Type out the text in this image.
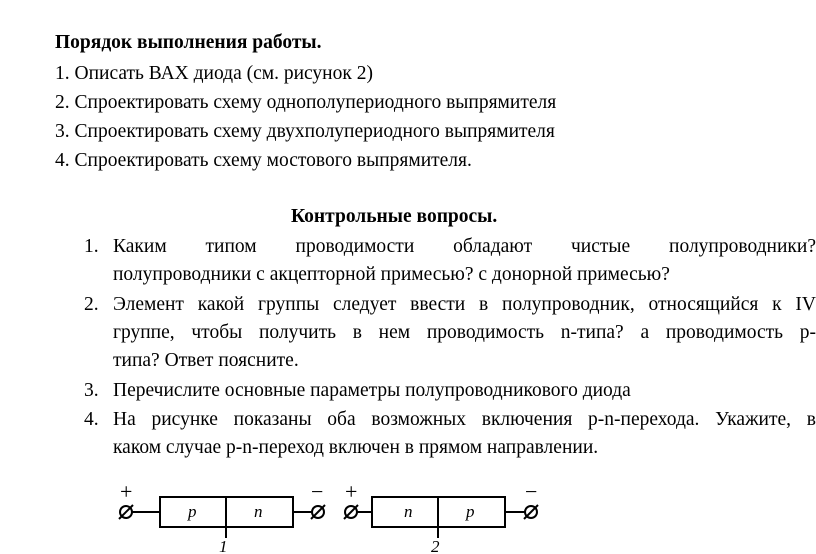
Порядок выполнения работы.
1. Описать ВАХ диода (см. рисунок 2)
2. Спроектировать схему однополупериодного выпрямителя
3. Спроектировать схему двухполупериодного выпрямителя
4. Спроектировать схему мостового выпрямителя.
Контрольные вопросы.
1. Каким типом проводимости обладают чистые полупроводники?
полупроводники с акцепторной примесью? с донорной примесью?
2. Элемент какой группы следует ввести в полупроводник, относящийся к IV
группе, чтобы получить в нем проводимость n-типа? а проводимость p-
типа? Ответ поясните.
3. Перечислите основные параметры полупроводникового диода
4. На рисунке показаны оба возможных включения p-n-перехода. Укажите, в
каком случае p-n-переход включен в прямом направлении.
+	−
p	n
1
+	−
n	p
2
